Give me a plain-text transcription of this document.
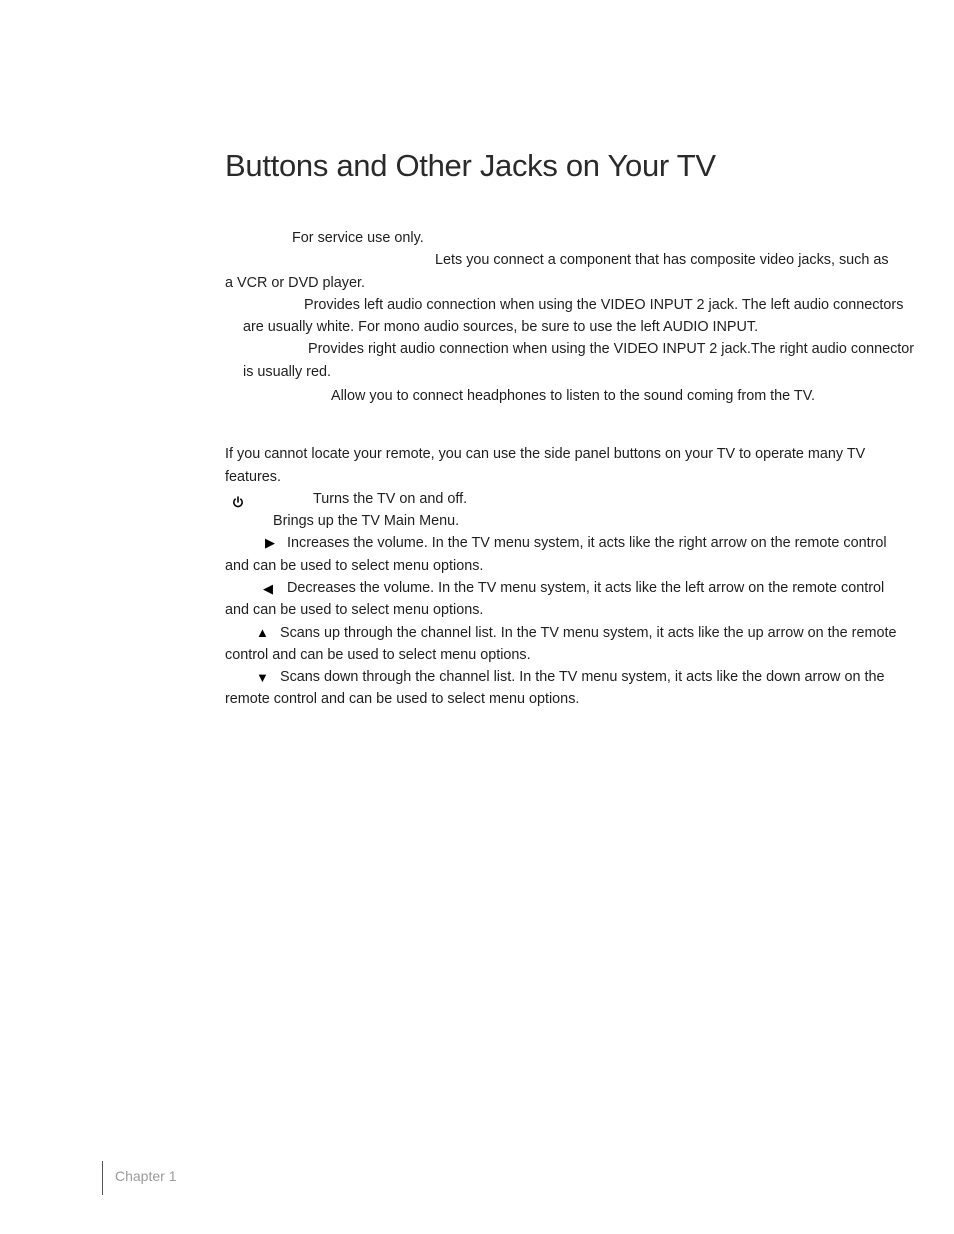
Buttons and Other Jacks on Your TV
For service use only.
Lets you connect a component that has composite video jacks, such as
a VCR or DVD player.
Provides left audio connection when using the VIDEO INPUT 2 jack. The left audio connectors
are usually white. For mono audio sources, be sure to use the left AUDIO INPUT.
Provides right audio connection when using the VIDEO INPUT 2 jack.The right audio connector
is usually red.
Allow you to connect headphones to listen to the sound coming from the TV.
If you cannot locate your remote, you can use the side panel buttons on your TV to operate many TV
features.
Turns the TV on and off.
Brings up the TV Main Menu.
▶ Increases the volume. In the TV menu system, it acts like the right arrow on the remote control
and can be used to select menu options.
◀ Decreases the volume. In the TV menu system, it acts like the left arrow on the remote control
and can be used to select menu options.
▲ Scans up through the channel list. In the TV menu system, it acts like the up arrow on the remote
control and can be used to select menu options.
▼ Scans down through the channel list. In the TV menu system, it acts like the down arrow on the
remote control and can be used to select menu options.
Chapter 1
